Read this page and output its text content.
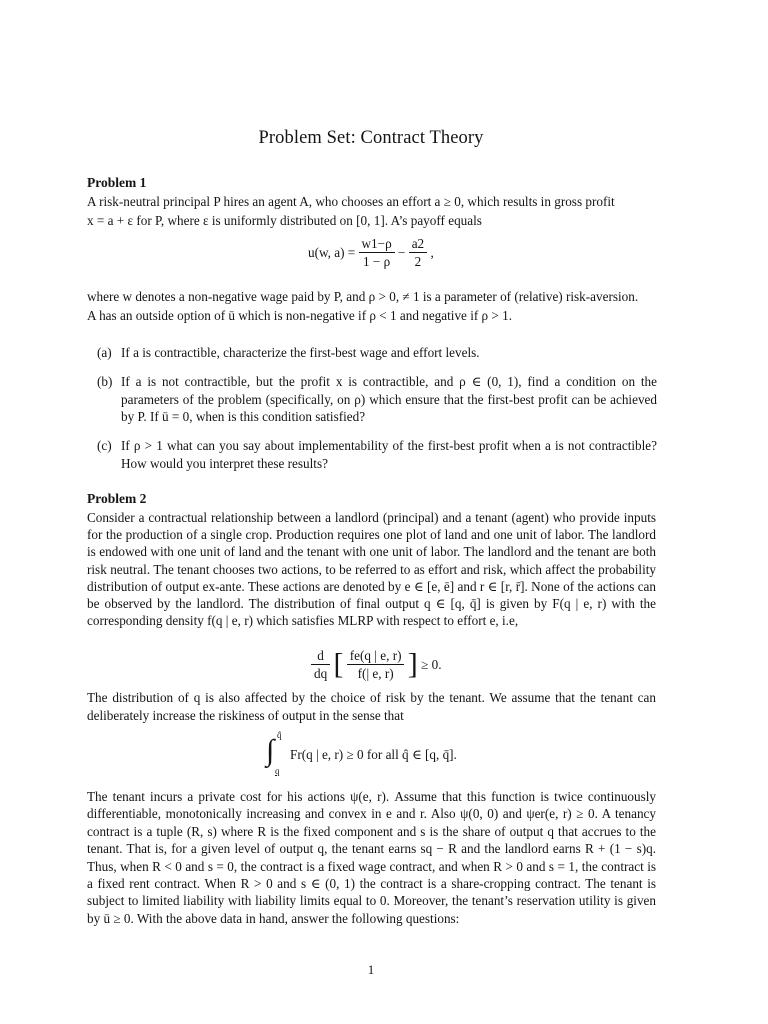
Problem Set: Contract Theory
Problem 1
A risk-neutral principal P hires an agent A, who chooses an effort a ≥ 0, which results in gross profit
x = a + ε for P, where ε is uniformly distributed on [0, 1]. A’s payoff equals
u(w, $a) = \frac{w1-\rho}{1 - \rho} - \frac{a2}{2}$ ,
where w denotes a non-negative wage paid by P, and ρ > 0, ≠ 1 is a parameter of (relative) risk-aversion.
A has an outside option of ū which is non-negative if ρ < 1 and negative if ρ > 1.
(a) If a is contractible, characterize the first-best wage and effort levels.
(b) If a is not contractible, but the profit x is contractible, and ρ ∈ (0, 1), find a condition on the parameters of the problem (specifically, on ρ) which ensure that the first-best profit can be achieved by P. If ū = 0, when is this condition satisfied?
(c) If ρ > 1 what can you say about implementability of the first-best profit when a is not contractible? How would you interpret these results?
Problem 2
Consider a contractual relationship between a landlord (principal) and a tenant (agent) who provide inputs for the production of a single crop. Production requires one plot of land and one unit of labor. The landlord is endowed with one unit of land and the tenant with one unit of labor. The landlord and the tenant are both risk neutral. The tenant chooses two actions, to be referred to as effort and risk, which affect the probability distribution of output ex-ante. These actions are denoted by e ∈ [e, ē] and r ∈ [r, r̄]. None of the actions can be observed by the landlord. The distribution of final output q ∈ [q, q̄] is given by F(q | e, r) with the corresponding density f(q | e, r) which satisfies MLRP with respect to effort e, i.e,
$\frac{d}{dq}$ [ $\frac{fe(q | e, r)}{f(| e, r)}$ ] ≥ 0.
The distribution of q is also affected by the choice of risk by the tenant. We assume that the tenant can deliberately increase the riskiness of output in the sense that
q̂
∫
q
Fr(q | e, r) ≥ 0 for all q̂ ∈ [q, q̄].
The tenant incurs a private cost for his actions ψ(e, r). Assume that this function is twice continuously differentiable, monotonically increasing and convex in e and r. Also ψ(0, 0) and ψer(e, r) ≥ 0. A tenancy contract is a tuple (R, s) where R is the fixed component and s is the share of output q that accrues to the tenant. That is, for a given level of output q, the tenant earns sq − R and the landlord earns R + (1 − s)q. Thus, when R < 0 and s = 0, the contract is a fixed wage contract, and when R > 0 and s = 1, the contract is a fixed rent contract. When R > 0 and s ∈ (0, 1) the contract is a share-cropping contract. The tenant is subject to limited liability with liability limits equal to 0. Moreover, the tenant’s reservation utility is given by ū ≥ 0. With the above data in hand, answer the following questions:
1
